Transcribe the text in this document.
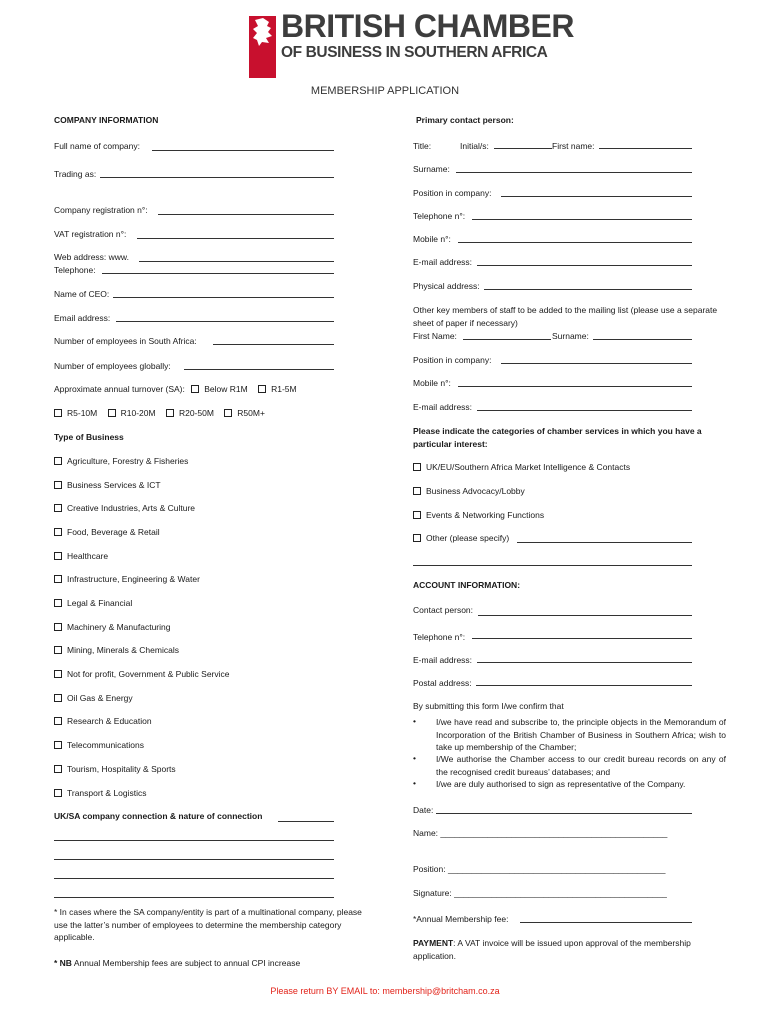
BRITISH CHAMBER
OF BUSINESS IN SOUTHERN AFRICA
MEMBERSHIP APPLICATION
COMPANY INFORMATION
Full name of company:
Trading as:
Company registration n°:
VAT registration n°:
Web address: www.
Telephone:
Name of CEO:
Email address:
Number of employees in South Africa:
Number of employees globally:
Approximate annual turnover (SA): Below R1M	R1-5M
R5-10M	R10-20M	R20-50M	R50M+
Type of Business
Agriculture, Forestry & Fisheries
Business Services & ICT
Creative Industries, Arts & Culture
Food, Beverage & Retail
Healthcare
Infrastructure, Engineering & Water
Legal & Financial
Machinery & Manufacturing
Mining, Minerals & Chemicals
Not for profit, Government & Public Service
Oil Gas & Energy
Research & Education
Telecommunications
Tourism, Hospitality & Sports
Transport & Logistics
UK/SA company connection & nature of connection
* In cases where the SA company/entity is part of a multinational company, please use the latter’s number of employees to determine the membership category applicable.
* NB Annual Membership fees are subject to annual CPI increase
Primary contact person:
Title:	Initial/s:	First name:
Surname:
Position in company:
Telephone n°:
Mobile n°:
E-mail address:
Physical address:
Other key members of staff to be added to the mailing list (please use a separate sheet of paper if necessary)
First Name:	Surname:
Position in company:
Mobile n°:
E-mail address:
Please indicate the categories of chamber services in which you have a particular interest:
UK/EU/Southern Africa Market Intelligence & Contacts
Business Advocacy/Lobby
Events & Networking Functions
Other (please specify)
ACCOUNT INFORMATION:
Contact person:
Telephone n°:
E-mail address:
Postal address:
By submitting this form I/we confirm that
• I/we have read and subscribe to, the principle objects in the Memorandum of Incorporation of the British Chamber of Business in Southern Africa; wish to take up membership of the Chamber;
• I/We authorise the Chamber access to our credit bureau records on any of the recognised credit bureaus’ databases; and
• I/we are duly authorised to sign as representative of the Company.
Date:
Name: ________________________________________________
Position: ______________________________________________
Signature: _____________________________________________
*Annual Membership fee:
PAYMENT: A VAT invoice will be issued upon approval of the membership application.
Please return BY EMAIL to: membership@britcham.co.za
